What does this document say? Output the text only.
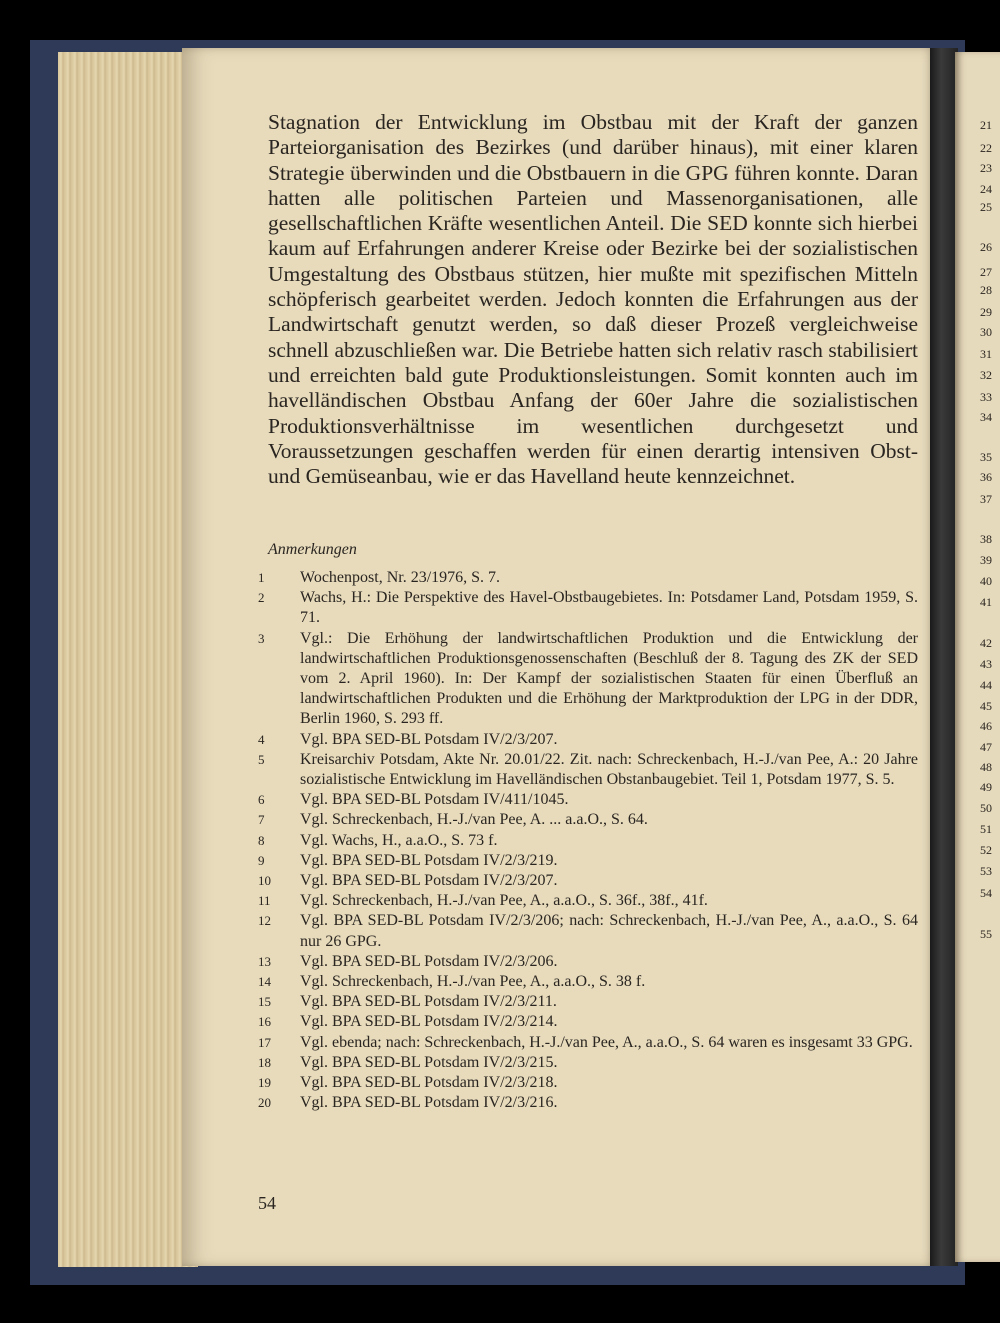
Stagnation der Entwicklung im Obstbau mit der Kraft der ganzen Parteiorganisation des Bezirkes (und darüber hinaus), mit einer klaren Strategie überwinden und die Obstbauern in die GPG führen konnte. Daran hatten alle politischen Parteien und Massenorganisationen, alle gesellschaftlichen Kräfte wesentlichen Anteil. Die SED konnte sich hierbei kaum auf Erfahrungen anderer Kreise oder Bezirke bei der sozialistischen Umgestaltung des Obstbaus stützen, hier mußte mit spezifischen Mitteln schöpferisch gearbeitet werden. Jedoch konnten die Erfahrungen aus der Landwirtschaft genutzt werden, so daß dieser Prozeß vergleichweise schnell abzuschließen war. Die Betriebe hatten sich relativ rasch stabilisiert und erreichten bald gute Produktionsleistungen. Somit konnten auch im havelländischen Obstbau Anfang der 60er Jahre die sozialistischen Produktionsverhältnisse im wesentlichen durchgesetzt und Voraussetzungen geschaffen werden für einen derartig intensiven Obst- und Gemüseanbau, wie er das Havelland heute kennzeichnet.

Anmerkungen
1	Wochenpost, Nr. 23/1976, S. 7.
2	Wachs, H.: Die Perspektive des Havel-Obstbaugebietes. In: Potsdamer Land, Potsdam 1959, S. 71.
3	Vgl.: Die Erhöhung der landwirtschaftlichen Produktion und die Entwicklung der landwirtschaftlichen Produktionsgenossenschaften (Beschluß der 8. Tagung des ZK der SED vom 2. April 1960). In: Der Kampf der sozialistischen Staaten für einen Überfluß an landwirtschaftlichen Produkten und die Erhöhung der Marktproduktion der LPG in der DDR, Berlin 1960, S. 293 ff.
4	Vgl. BPA SED-BL Potsdam IV/2/3/207.
5	Kreisarchiv Potsdam, Akte Nr. 20.01/22. Zit. nach: Schreckenbach, H.-J./van Pee, A.: 20 Jahre sozialistische Entwicklung im Havelländischen Obstanbaugebiet. Teil 1, Potsdam 1977, S. 5.
6	Vgl. BPA SED-BL Potsdam IV/411/1045.
7	Vgl. Schreckenbach, H.-J./van Pee, A. ... a.a.O., S. 64.
8	Vgl. Wachs, H., a.a.O., S. 73 f.
9	Vgl. BPA SED-BL Potsdam IV/2/3/219.
10	Vgl. BPA SED-BL Potsdam IV/2/3/207.
11	Vgl. Schreckenbach, H.-J./van Pee, A., a.a.O., S. 36f., 38f., 41f.
12	Vgl. BPA SED-BL Potsdam IV/2/3/206; nach: Schreckenbach, H.-J./van Pee, A., a.a.O., S. 64 nur 26 GPG.
13	Vgl. BPA SED-BL Potsdam IV/2/3/206.
14	Vgl. Schreckenbach, H.-J./van Pee, A., a.a.O., S. 38 f.
15	Vgl. BPA SED-BL Potsdam IV/2/3/211.
16	Vgl. BPA SED-BL Potsdam IV/2/3/214.
17	Vgl. ebenda; nach: Schreckenbach, H.-J./van Pee, A., a.a.O., S. 64 waren es insgesamt 33 GPG.
18	Vgl. BPA SED-BL Potsdam IV/2/3/215.
19	Vgl. BPA SED-BL Potsdam IV/2/3/218.
20	Vgl. BPA SED-BL Potsdam IV/2/3/216.
54
21
22
23
24
25
26
27
28
29
30
31
32
33
34
35
36
37
38
39
40
41
42
43
44
45
46
47
48
49
50
51
52
53
54
55
